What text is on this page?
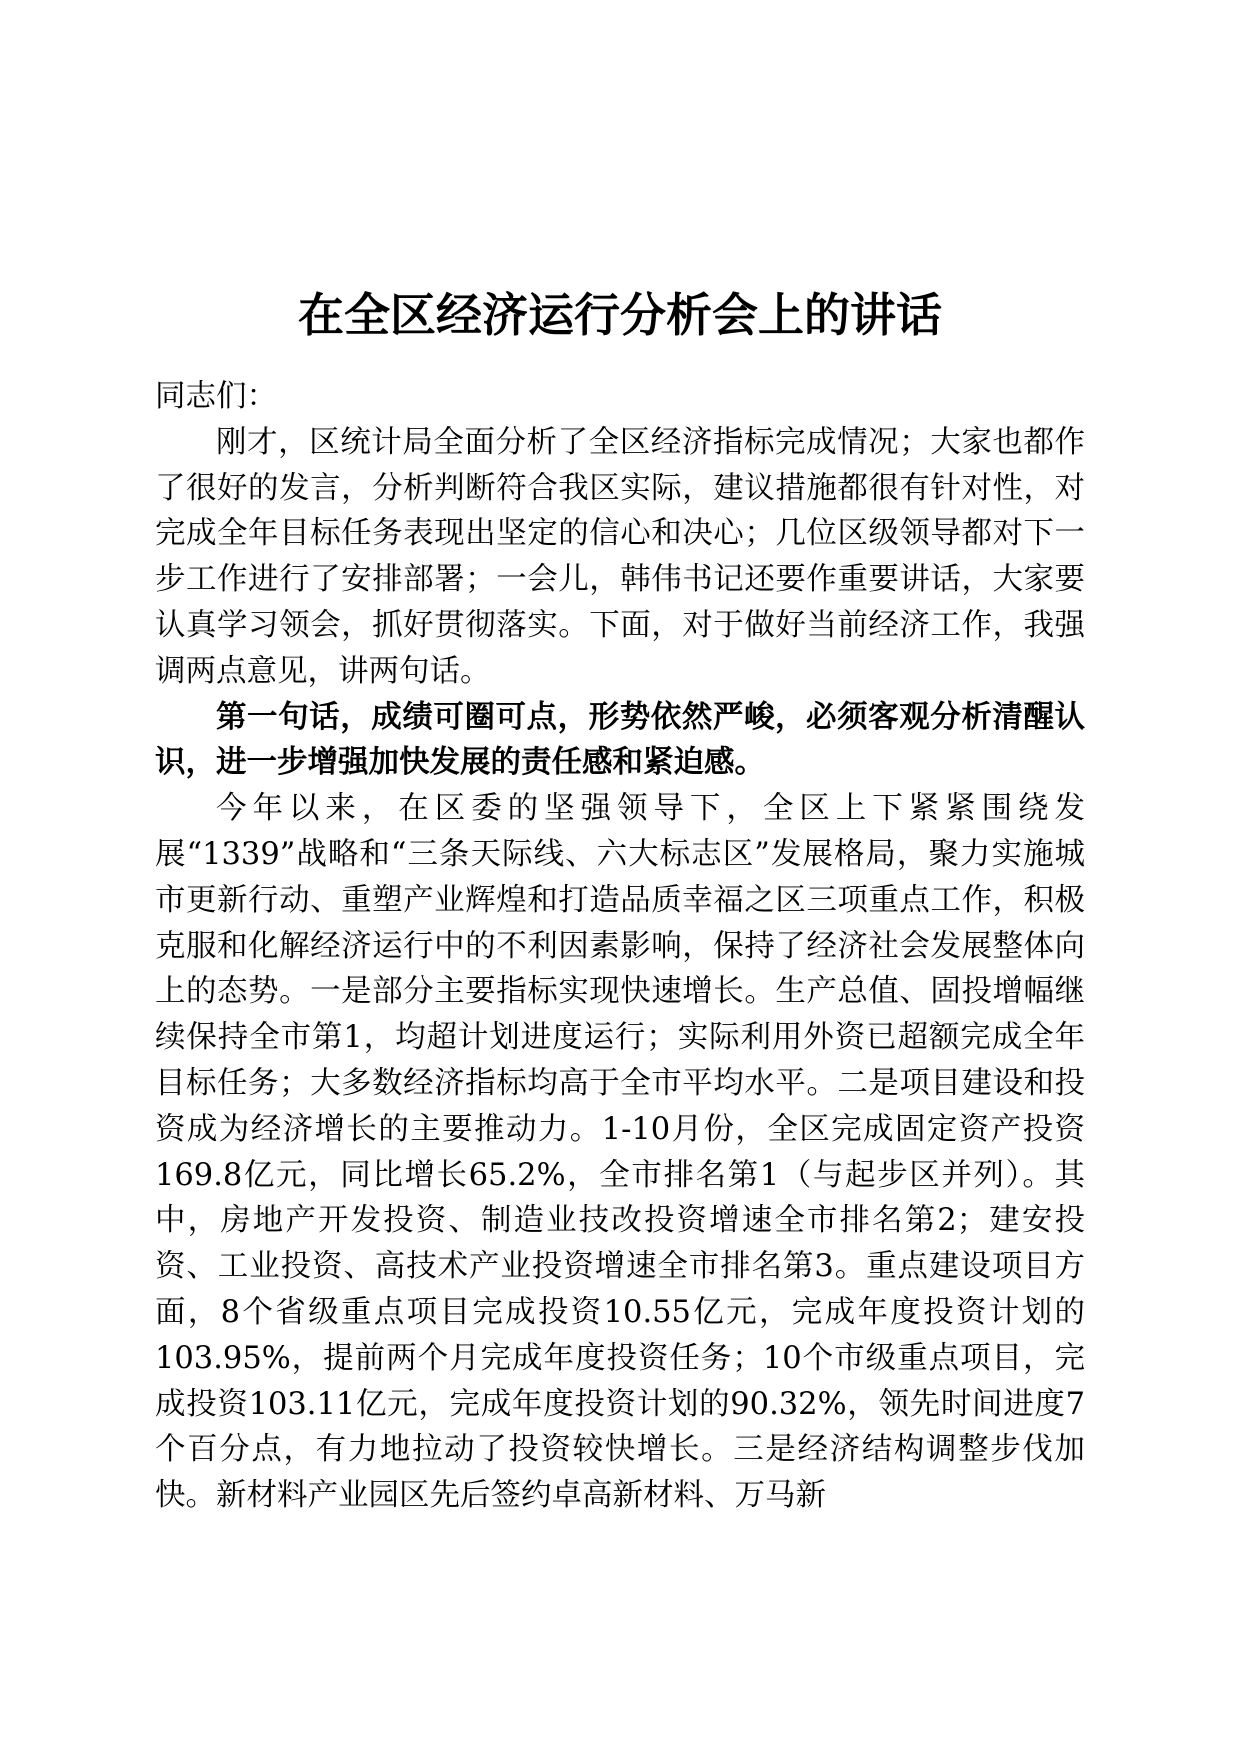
在全区经济运行分析会上的讲话

同志们：

刚才，区统计局全面分析了全区经济指标完成情况；大家也都作了很好的发言，分析判断符合我区实际，建议措施都很有针对性，对完成全年目标任务表现出坚定的信心和决心；几位区级领导都对下一步工作进行了安排部署；一会儿，韩伟书记还要作重要讲话，大家要认真学习领会，抓好贯彻落实。下面，对于做好当前经济工作，我强调两点意见，讲两句话。

第一句话，成绩可圈可点，形势依然严峻，必须客观分析清醒认识，进一步增强加快发展的责任感和紧迫感。

今年以来，在区委的坚强领导下，全区上下紧紧围绕发展“1339”战略和“三条天际线、六大标志区”发展格局，聚力实施城市更新行动、重塑产业辉煌和打造品质幸福之区三项重点工作，积极克服和化解经济运行中的不利因素影响，保持了经济社会发展整体向上的态势。一是部分主要指标实现快速增长。生产总值、固投增幅继续保持全市第1，均超计划进度运行；实际利用外资已超额完成全年目标任务；大多数经济指标均高于全市平均水平。二是项目建设和投资成为经济增长的主要推动力。1-10月份，全区完成固定资产投资169.8亿元，同比增长65.2%，全市排名第1（与起步区并列）。其中，房地产开发投资、制造业技改投资增速全市排名第2；建安投资、工业投资、高技术产业投资增速全市排名第3。重点建设项目方面，8个省级重点项目完成投资10.55亿元，完成年度投资计划的103.95%，提前两个月完成年度投资任务；10个市级重点项目，完成投资103.11亿元，完成年度投资计划的90.32%，领先时间进度7个百分点，有力地拉动了投资较快增长。三是经济结构调整步伐加快。新材料产业园区先后签约卓高新材料、万马新
